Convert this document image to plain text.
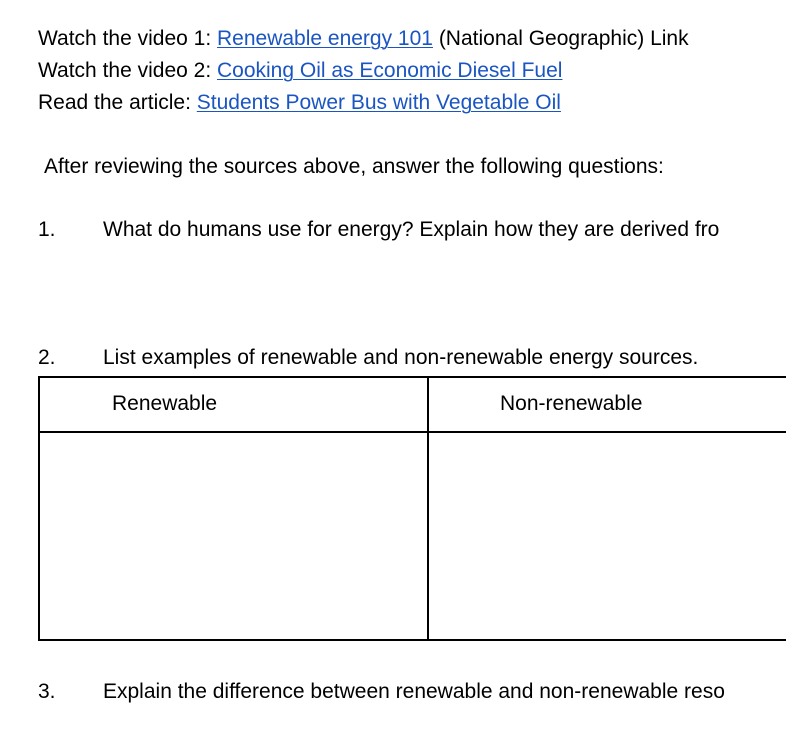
Watch the video 1: Renewable energy 101 (National Geographic) Link
Watch the video 2: Cooking Oil as Economic Diesel Fuel
Read the article: Students Power Bus with Vegetable Oil
After reviewing the sources above, answer the following questions:
1. What do humans use for energy? Explain how they are derived fro
2. List examples of renewable and non-renewable energy sources.
Renewable	Non-renewable
3. Explain the difference between renewable and non-renewable reso
